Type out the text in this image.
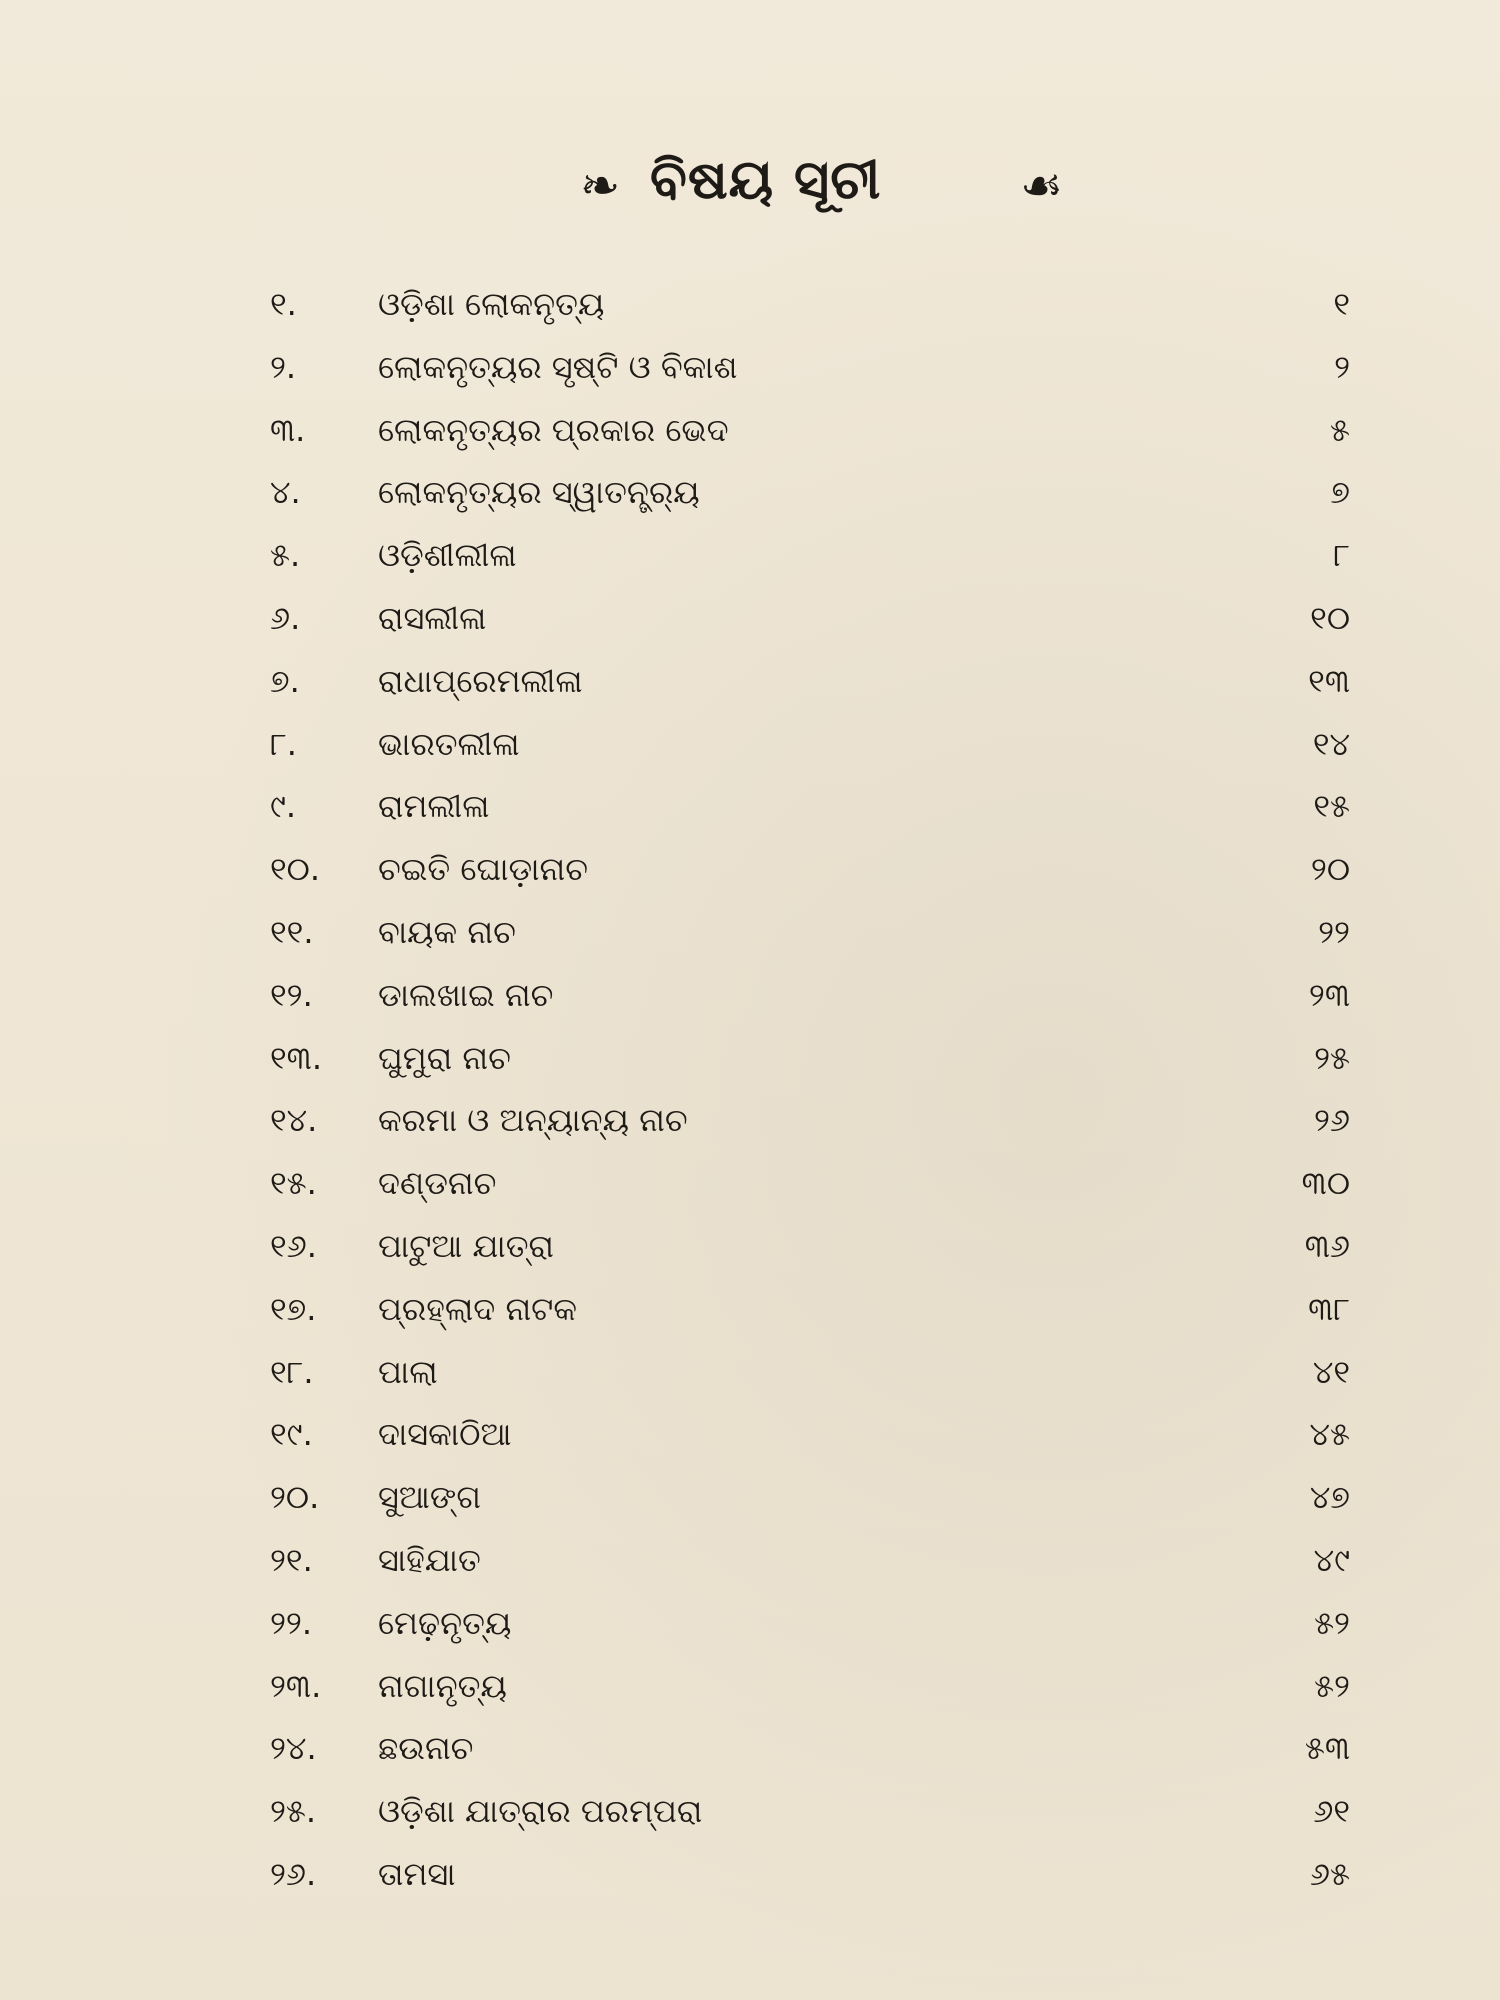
❧ ବିଷୟ ସୂଚୀ	☙
୧.	ଓଡ଼ିଶା ଲୋକନୃତ୍ୟ	୧
୨.	ଲୋକନୃତ୍ୟର ସୃଷ୍ଟି ଓ ବିକାଶ	୨
୩. ଲୋକନୃତ୍ୟର ପ୍ରକାର ଭେଦ	୫
୪. ଲୋକନୃତ୍ୟର ସ୍ୱାତନ୍ତ୍ର୍ୟ	୭
୫. ଓଡ଼ିଶୀଲୀଳା	୮
୬. ରାସଲୀଳା	୧୦
୭. ରାଧାପ୍ରେମଲୀଳା	୧୩
୮.	ଭାରତଲୀଳା	୧୪
୯.	ରାମଲୀଳା	୧୫
୧୦. ଚଇତି ଘୋଡ଼ାନାଚ	୨୦
୧୧. ବାୟକ ନାଚ	୨୨
୧୨. ଡାଲଖାଇ ନାଚ	୨୩
୧୩. ଘୁମୁରା ନାଚ	୨୫
୧୪. କରମା ଓ ଅନ୍ୟାନ୍ୟ ନାଚ	୨୬
୧୫. ଦଣ୍ଡନାଚ	୩୦
୧୬. ପାଟୁଆ ଯାତ୍ରା	୩୬
୧୭. ପ୍ରହ୍ଲାଦ ନାଟକ	୩୮
୧୮. ପାଲା	୪୧
୧୯. ଦାସକାଠିଆ	୪୫
୨୦. ସୁଆଙ୍ଗ	୪୭
୨୧. ସାହିଯାତ	୪୯
୨୨. ମେଢ଼ନୃତ୍ୟ	୫୨
୨୩. ନାଗାନୃତ୍ୟ	୫୨
୨୪. ଛଉନାଚ	୫୩
୨୫. ଓଡ଼ିଶା ଯାତ୍ରାର ପରମ୍ପରା	୬୧
୨୬. ତାମସା	୬୫
